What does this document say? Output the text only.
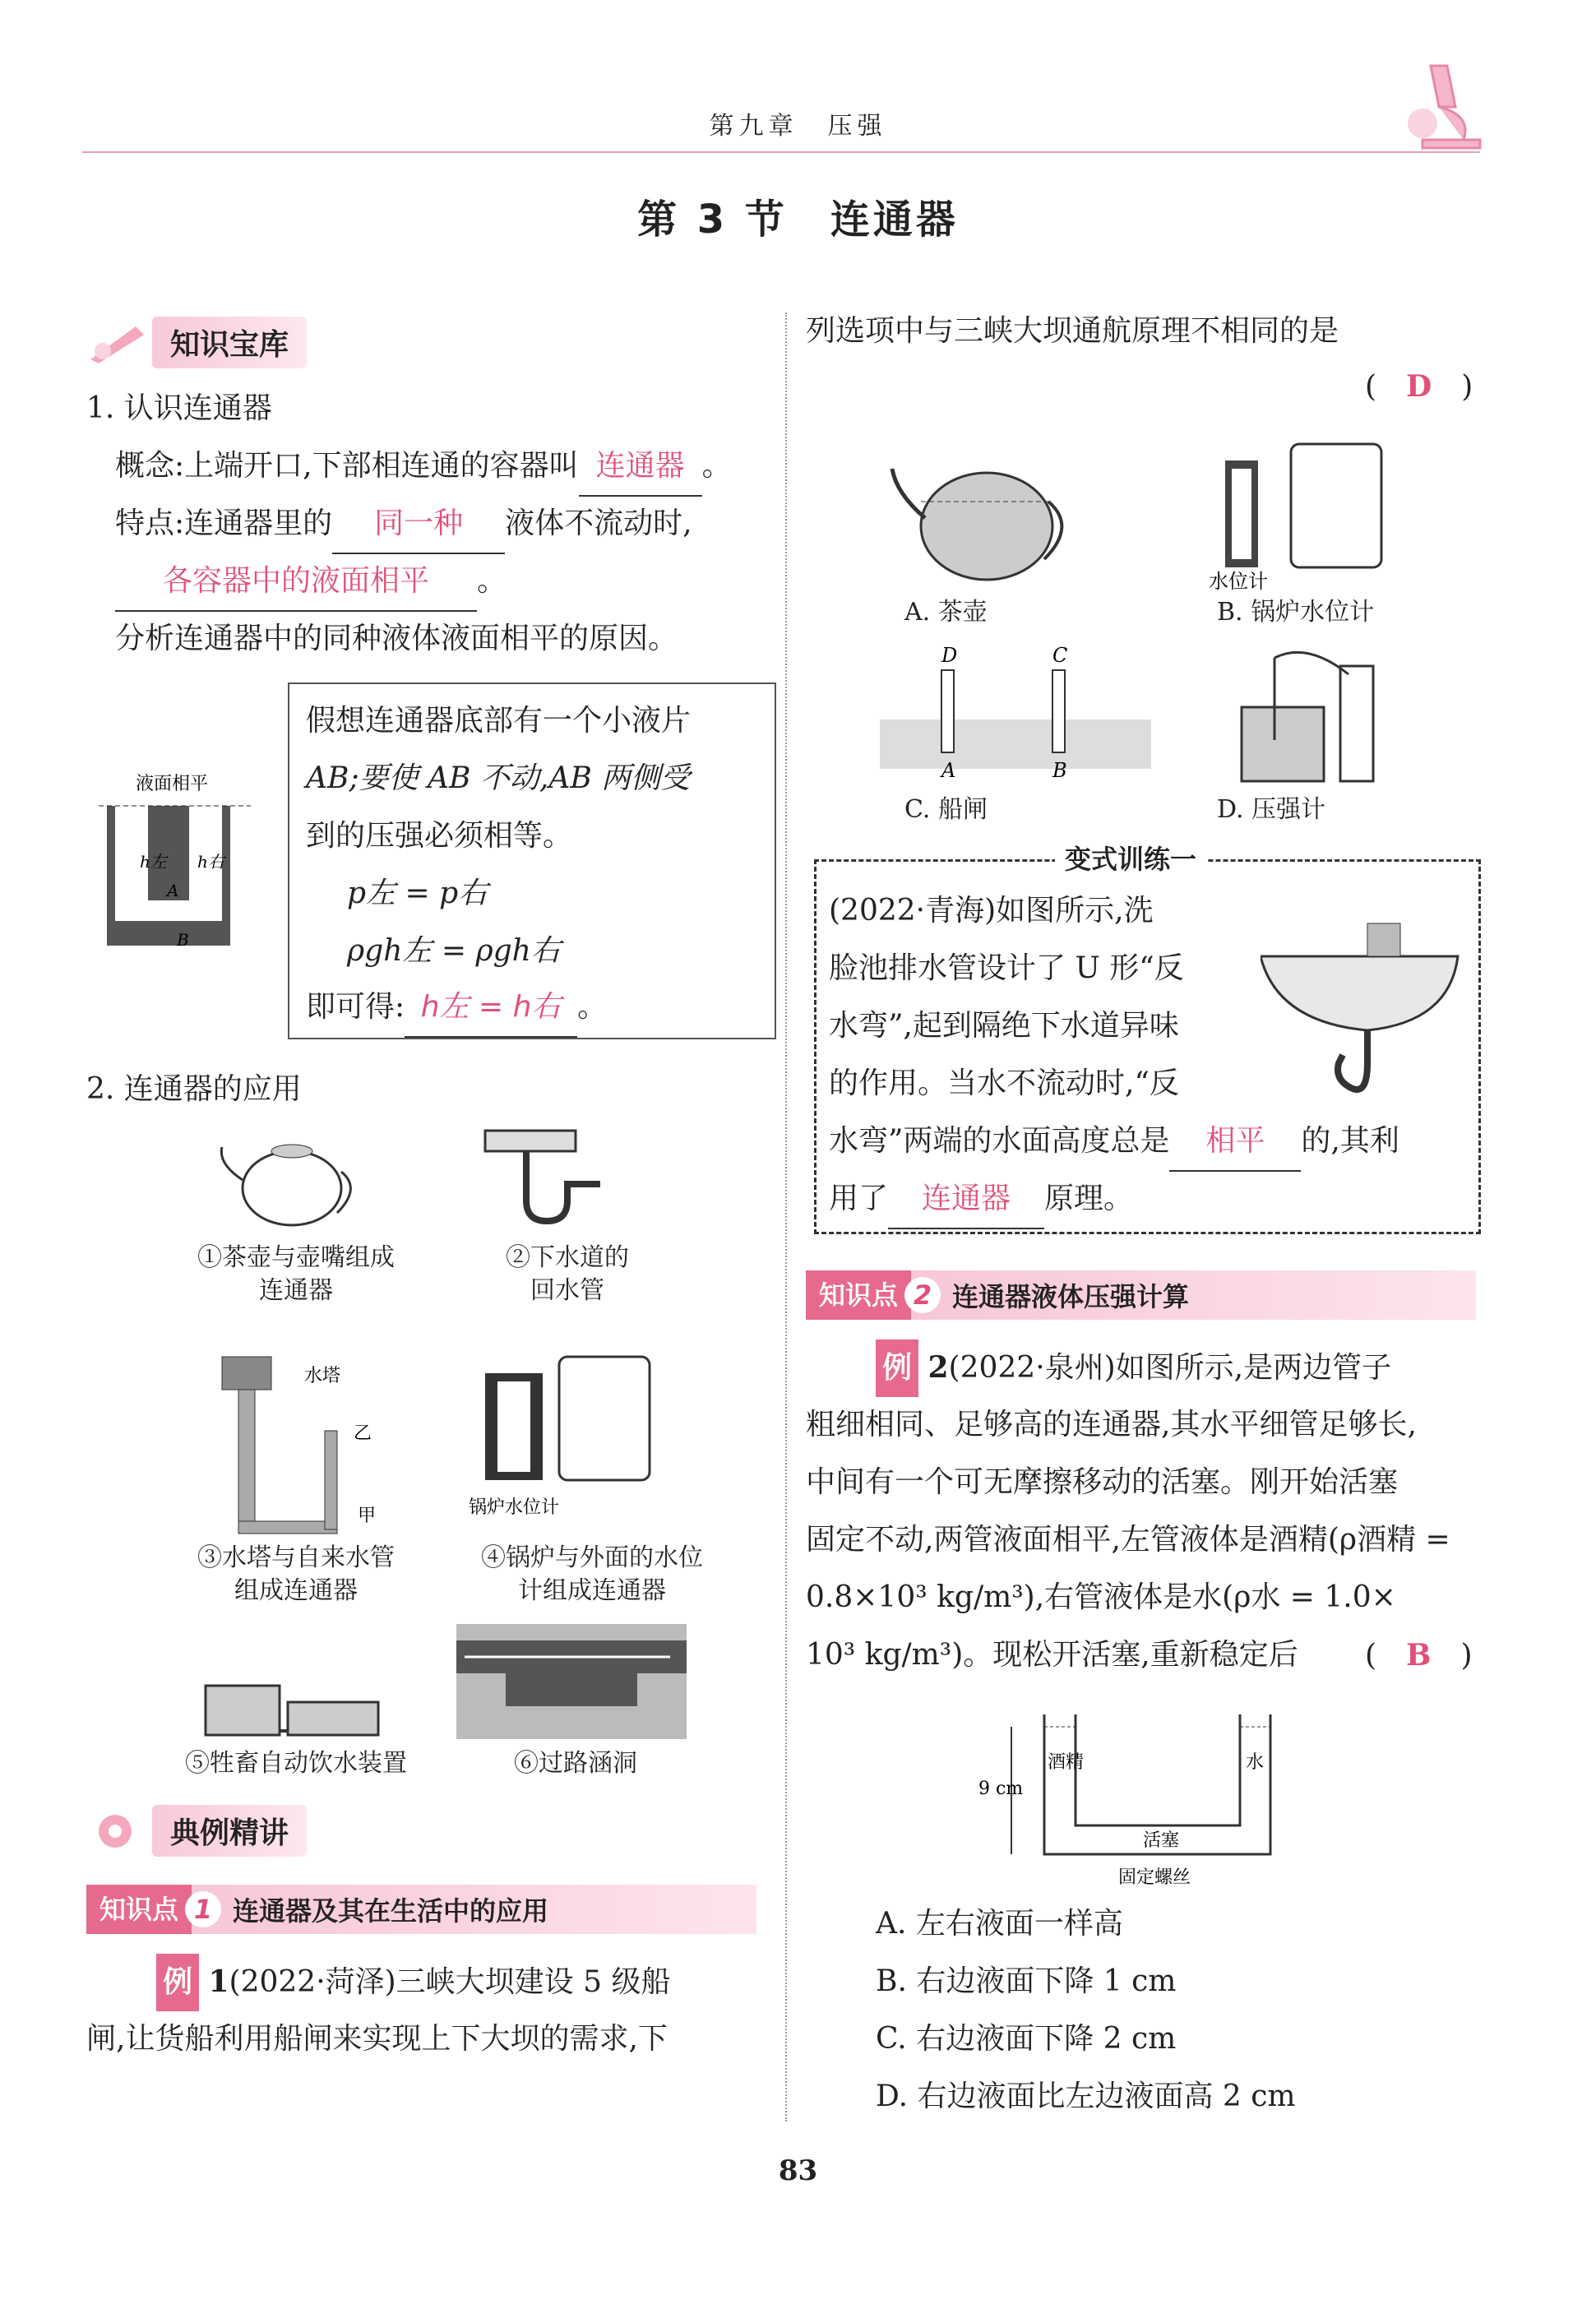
第九章　压强
第 3 节　连通器
知识宝库
1. 认识连通器
概念:上端开口,下部相连通的容器叫 连通器 。
特点:连通器里的 同一种 液体不流动时,
各容器中的液面相平 。
分析连通器中的同种液体液面相平的原因。
液面相平
h左 h右
A
B
假想连通器底部有一个小液片
AB;要使 AB 不动,AB 两侧受
到的压强必须相等。
p左 = p右
ρgh左 = ρgh右
即可得: h左 = h右 。
2. 连通器的应用
①茶壶与壶嘴组成
连通器
②下水道的
回水管
水塔
乙
甲
③水塔与自来水管
组成连通器
锅炉水位计
④锅炉与外面的水位
计组成连通器
⑤牲畜自动饮水装置	⑥过路涵洞
典例精讲
知识点 1 连通器及其在生活中的应用
例 1(2022·菏泽)三峡大坝建设 5 级船
闸,让货船利用船闸来实现上下大坝的需求,下
列选项中与三峡大坝通航原理不相同的是
(　D　)
A. 茶壶
水位计
B. 锅炉水位计
D	C
A	B
C. 船闸	D. 压强计
变式训练一
(2022·青海)如图所示,洗
脸池排水管设计了 U 形“反
水弯”,起到隔绝下水道异味
的作用。当水不流动时,“反
水弯”两端的水面高度总是 相平 的,其利
用了 连通器 原理。
知识点 2 连通器液体压强计算
例 2(2022·泉州)如图所示,是两边管子
粗细相同、足够高的连通器,其水平细管足够长,
中间有一个可无摩擦移动的活塞。刚开始活塞
固定不动,两管液面相平,左管液体是酒精(ρ酒精 =
0.8×10³ kg/m³),右管液体是水(ρ水 = 1.0×
10³ kg/m³)。现松开活塞,重新稳定后 (　B　)
9 cm
酒精	水
活塞
固定螺丝
A. 左右液面一样高
B. 右边液面下降 1 cm
C. 右边液面下降 2 cm
D. 右边液面比左边液面高 2 cm
83
